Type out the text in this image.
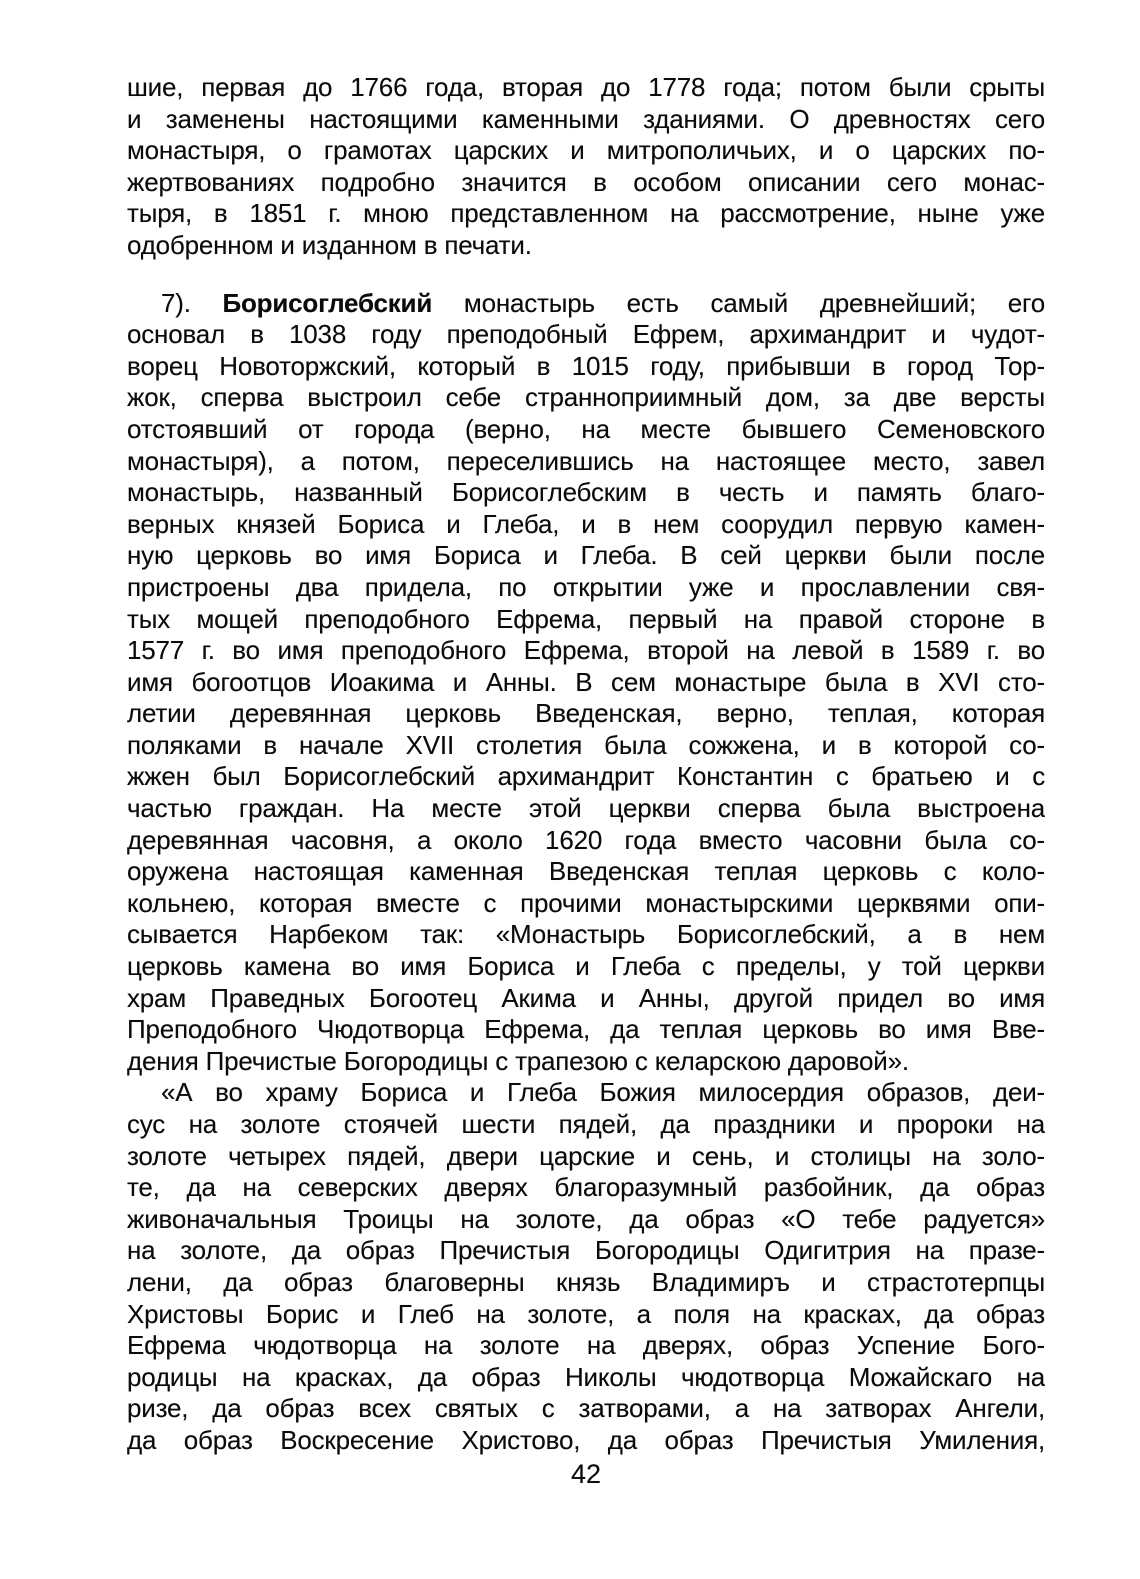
шие, первая до 1766 года, вторая до 1778 года; потом были срыты
и заменены настоящими каменными зданиями. О древностях сего
монастыря, о грамотах царских и митрополичьих, и о царских по-
жертвованиях подробно значится в особом описании сего монас-
тыря, в 1851 г. мною представленном на рассмотрение, ныне уже
одобренном и изданном в печати.
7). Борисоглебский монастырь есть самый древнейший; его
основал в 1038 году преподобный Ефрем, архимандрит и чудот-
ворец Новоторжский, который в 1015 году, прибывши в город Тор-
жок, сперва выстроил себе странноприимный дом, за две версты
отстоявший от города (верно, на месте бывшего Семеновского
монастыря), а потом, переселившись на настоящее место, завел
монастырь, названный Борисоглебским в честь и память благо-
верных князей Бориса и Глеба, и в нем соорудил первую камен-
ную церковь во имя Бориса и Глеба. В сей церкви были после
пристроены два придела, по открытии уже и прославлении свя-
тых мощей преподобного Ефрема, первый на правой стороне в
1577 г. во имя преподобного Ефрема, второй на левой в 1589 г. во
имя богоотцов Иоакима и Анны. В сем монастыре была в XVI сто-
летии деревянная церковь Введенская, верно, теплая, которая
поляками в начале XVII столетия была сожжена, и в которой со-
жжен был Борисоглебский архимандрит Константин с братьею и с
частью граждан. На месте этой церкви сперва была выстроена
деревянная часовня, а около 1620 года вместо часовни была со-
оружена настоящая каменная Введенская теплая церковь с коло-
кольнею, которая вместе с прочими монастырскими церквями опи-
сывается Нарбеком так: «Монастырь Борисоглебский, а в нем
церковь камена во имя Бориса и Глеба с пределы, у той церкви
храм Праведных Богоотец Акима и Анны, другой придел во имя
Преподобного Чюдотворца Ефрема, да теплая церковь во имя Вве-
дения Пречистые Богородицы с трапезою с келарскою даровой».
«А во храму Бориса и Глеба Божия милосердия образов, деи-
сус на золоте стоячей шести пядей, да праздники и пророки на
золоте четырех пядей, двери царские и сень, и столицы на золо-
те, да на северских дверях благоразумный разбойник, да образ
живоначальныя Троицы на золоте, да образ «О тебе радуется»
на золоте, да образ Пречистыя Богородицы Одигитрия на празе-
лени, да образ благоверны князь Владимиръ и страстотерпцы
Христовы Борис и Глеб на золоте, а поля на красках, да образ
Ефрема чюдотворца на золоте на дверях, образ Успение Бого-
родицы на красках, да образ Николы чюдотворца Можайскаго на
ризе, да образ всех святых с затворами, а на затворах Ангели,
да образ Воскресение Христово, да образ Пречистыя Умиления,
42
